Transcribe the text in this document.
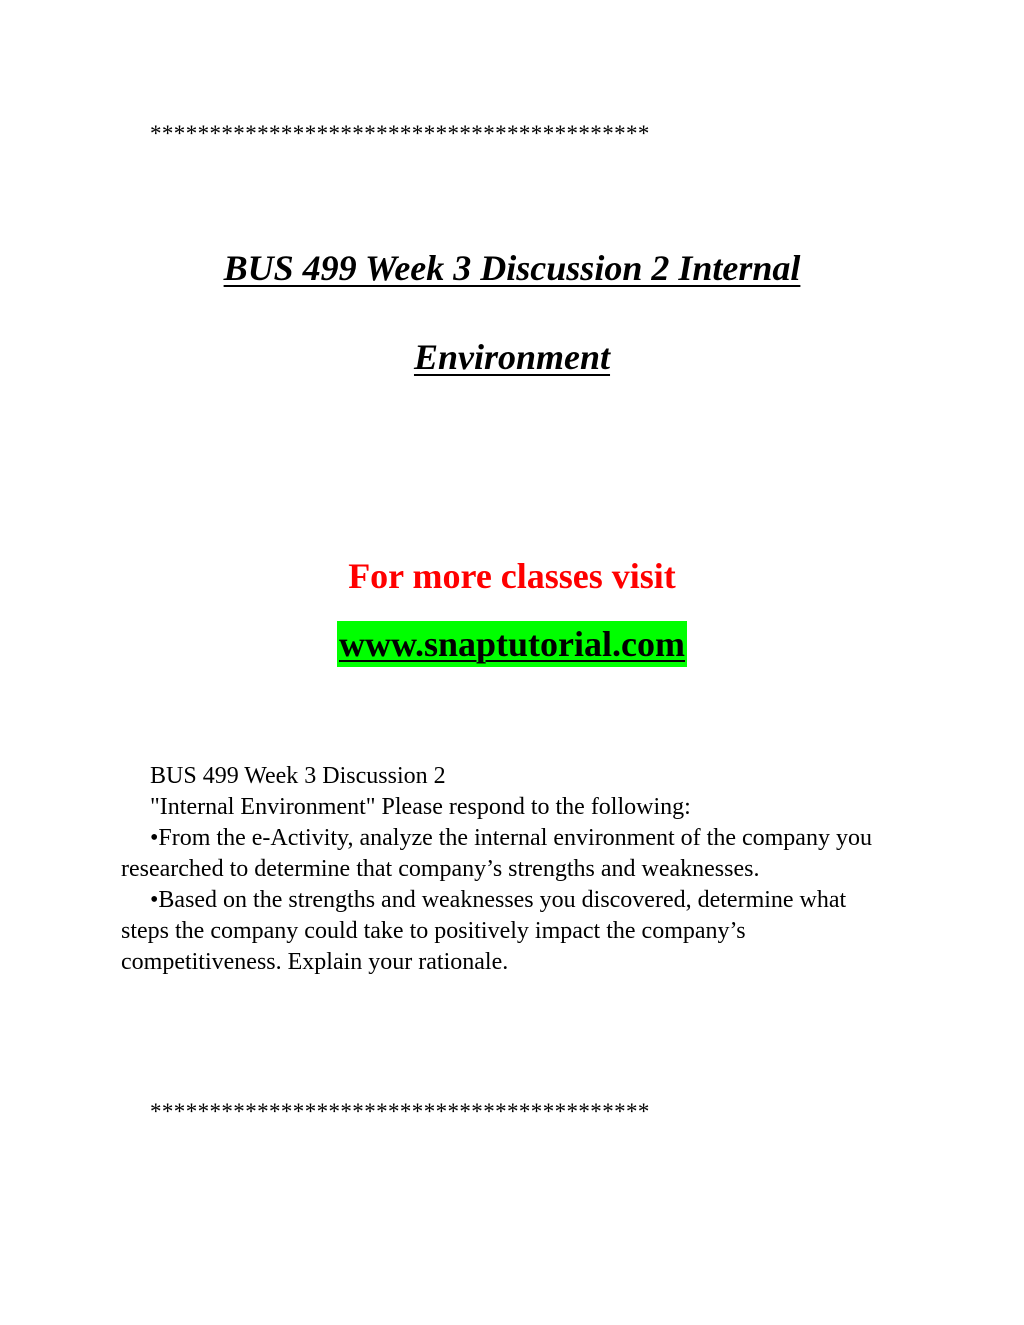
******************************************
BUS 499 Week 3 Discussion 2 Internal
Environment
For more classes visit
www.snaptutorial.com

BUS 499 Week 3 Discussion 2

"Internal Environment" Please respond to the following:

•From the e-Activity, analyze the internal environment of the company you researched to determine that company’s strengths and weaknesses.

•Based on the strengths and weaknesses you discovered, determine what steps the company could take to positively impact the company’s competitiveness. Explain your rationale.

******************************************
